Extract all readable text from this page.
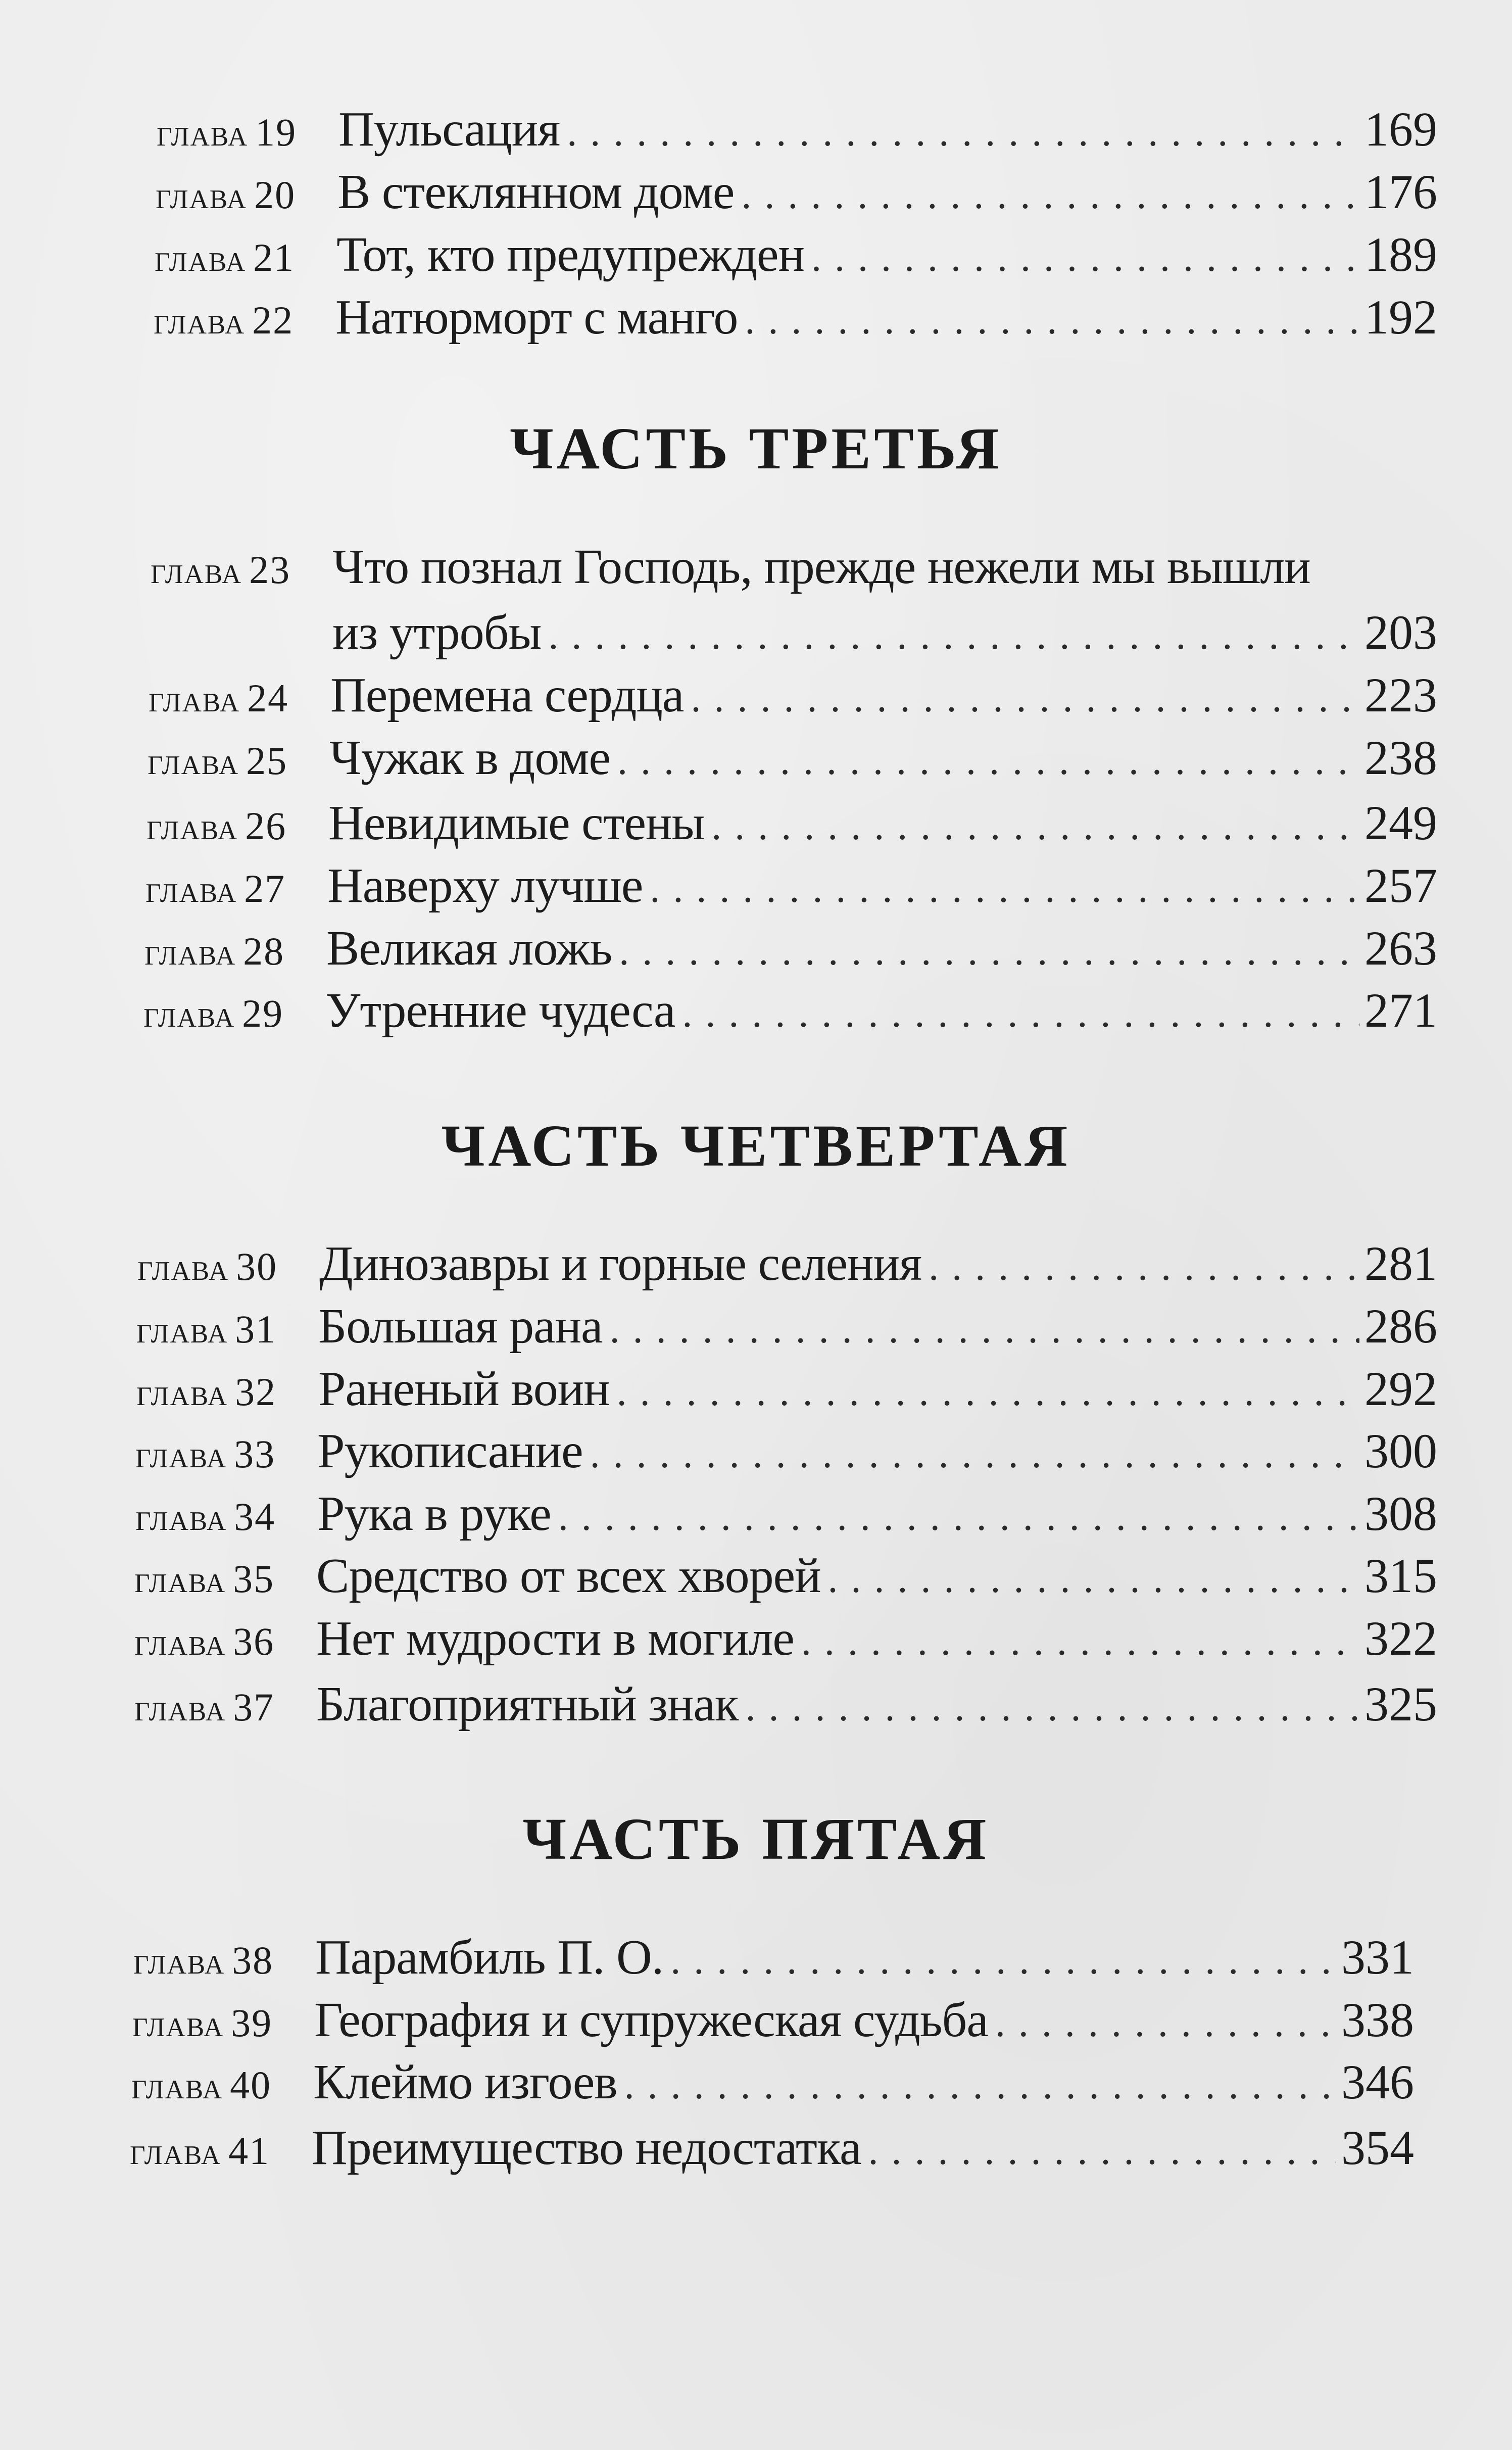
глава 19 Пульсация . . .	169
глава 20 В стеклянном доме . . .	176
глава 21 Тот, кто предупрежден . . .	189
глава 22 Натюрморт с манго . . .	192
ЧАСТЬ ТРЕТЬЯ
глава 23 Что познал Господь, прежде нежели мы вышли
из утробы . . .	203
глава 24 Перемена сердца . . .	223
глава 25 Чужак в доме . . .	238
глава 26 Невидимые стены . . .	249
глава 27 Наверху лучше . . .	257
глава 28 Великая ложь . . .	263
глава 29 Утренние чудеса . . .	271
ЧАСТЬ ЧЕТВЕРТАЯ
глава 30 Динозавры и горные селения . . .	281
глава 31 Большая рана . . .	286
глава 32 Раненый воин . . .	292
глава 33 Рукописание . . .	300
глава 34 Рука в руке . . .	308
глава 35 Средство от всех хворей . . .	315
глава 36 Нет мудрости в могиле . . .	322
глава 37 Благоприятный знак . . .	325
ЧАСТЬ ПЯТАЯ
глава 38 Парамбиль П. О. . . .	331
глава 39 География и супружеская судьба . . .	338
глава 40 Клеймо изгоев . . .	346
глава 41 Преимущество недостатка . . .	354
